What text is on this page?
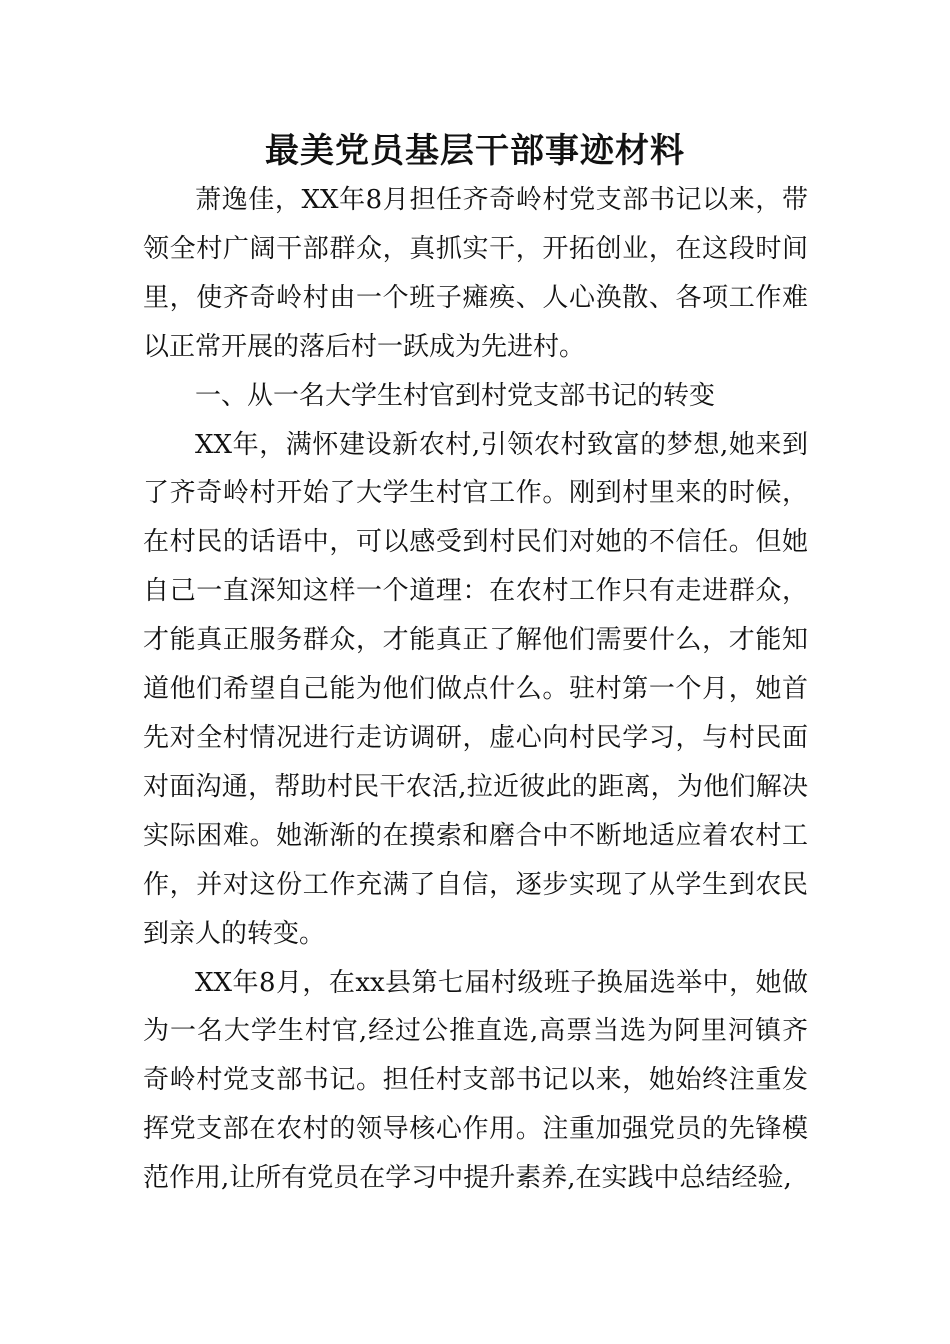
最美党员基层干部事迹材料

萧逸佳，XX年8月担任齐奇岭村党支部书记以来，带领全村广阔干部群众，真抓实干，开拓创业，在这段时间里，使齐奇岭村由一个班子瘫痪、人心涣散、各项工作难以正常开展的落后村一跃成为先进村。

一、从一名大学生村官到村党支部书记的转变

XX年，满怀建设新农村,引领农村致富的梦想,她来到了齐奇岭村开始了大学生村官工作。刚到村里来的时候，在村民的话语中，可以感受到村民们对她的不信任。但她自己一直深知这样一个道理：在农村工作只有走进群众，才能真正服务群众，才能真正了解他们需要什么，才能知道他们希望自己能为他们做点什么。驻村第一个月，她首先对全村情况进行走访调研，虚心向村民学习，与村民面对面沟通，帮助村民干农活,拉近彼此的距离，为他们解决实际困难。她渐渐的在摸索和磨合中不断地适应着农村工作，并对这份工作充满了自信，逐步实现了从学生到农民到亲人的转变。

XX年8月，在xx县第七届村级班子换届选举中，她做为一名大学生村官,经过公推直选,高票当选为阿里河镇齐奇岭村党支部书记。担任村支部书记以来，她始终注重发挥党支部在农村的领导核心作用。注重加强党员的先锋模范作用,让所有党员在学习中提升素养,在实践中总结经验,
